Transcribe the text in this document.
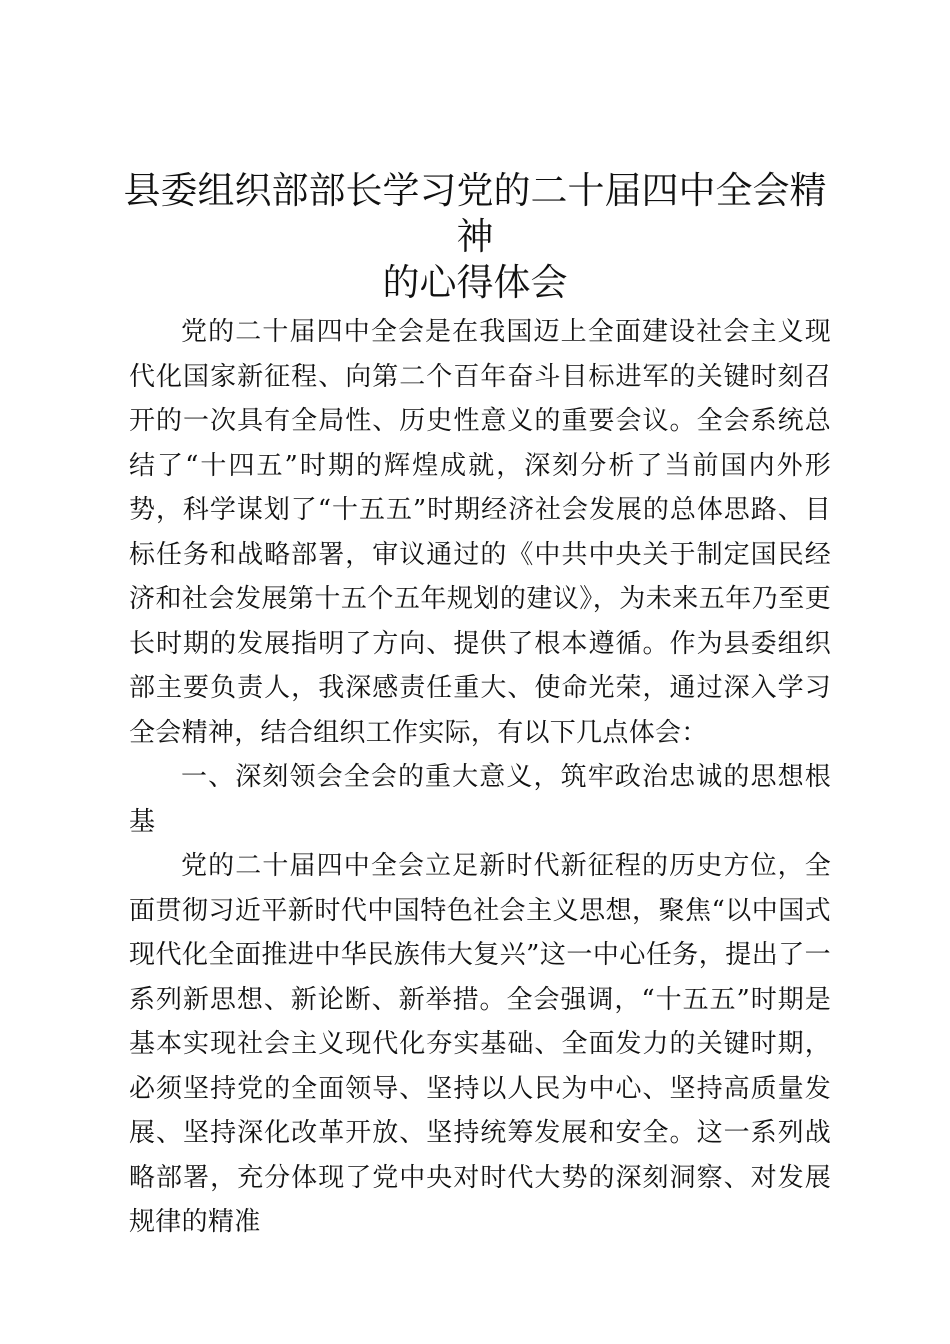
县委组织部部长学习党的二十届四中全会精神
的心得体会

党的二十届四中全会是在我国迈上全面建设社会主义现代化国家新征程、向第二个百年奋斗目标进军的关键时刻召开的一次具有全局性、历史性意义的重要会议。全会系统总结了“十四五”时期的辉煌成就，深刻分析了当前国内外形势，科学谋划了“十五五”时期经济社会发展的总体思路、目标任务和战略部署，审议通过的《中共中央关于制定国民经济和社会发展第十五个五年规划的建议》，为未来五年乃至更长时期的发展指明了方向、提供了根本遵循。作为县委组织部主要负责人，我深感责任重大、使命光荣，通过深入学习全会精神，结合组织工作实际，有以下几点体会：

一、深刻领会全会的重大意义，筑牢政治忠诚的思想根基

党的二十届四中全会立足新时代新征程的历史方位，全面贯彻习近平新时代中国特色社会主义思想，聚焦“以中国式现代化全面推进中华民族伟大复兴”这一中心任务，提出了一系列新思想、新论断、新举措。全会强调，“十五五”时期是基本实现社会主义现代化夯实基础、全面发力的关键时期，必须坚持党的全面领导、坚持以人民为中心、坚持高质量发展、坚持深化改革开放、坚持统筹发展和安全。这一系列战略部署，充分体现了党中央对时代大势的深刻洞察、对发展规律的精准
